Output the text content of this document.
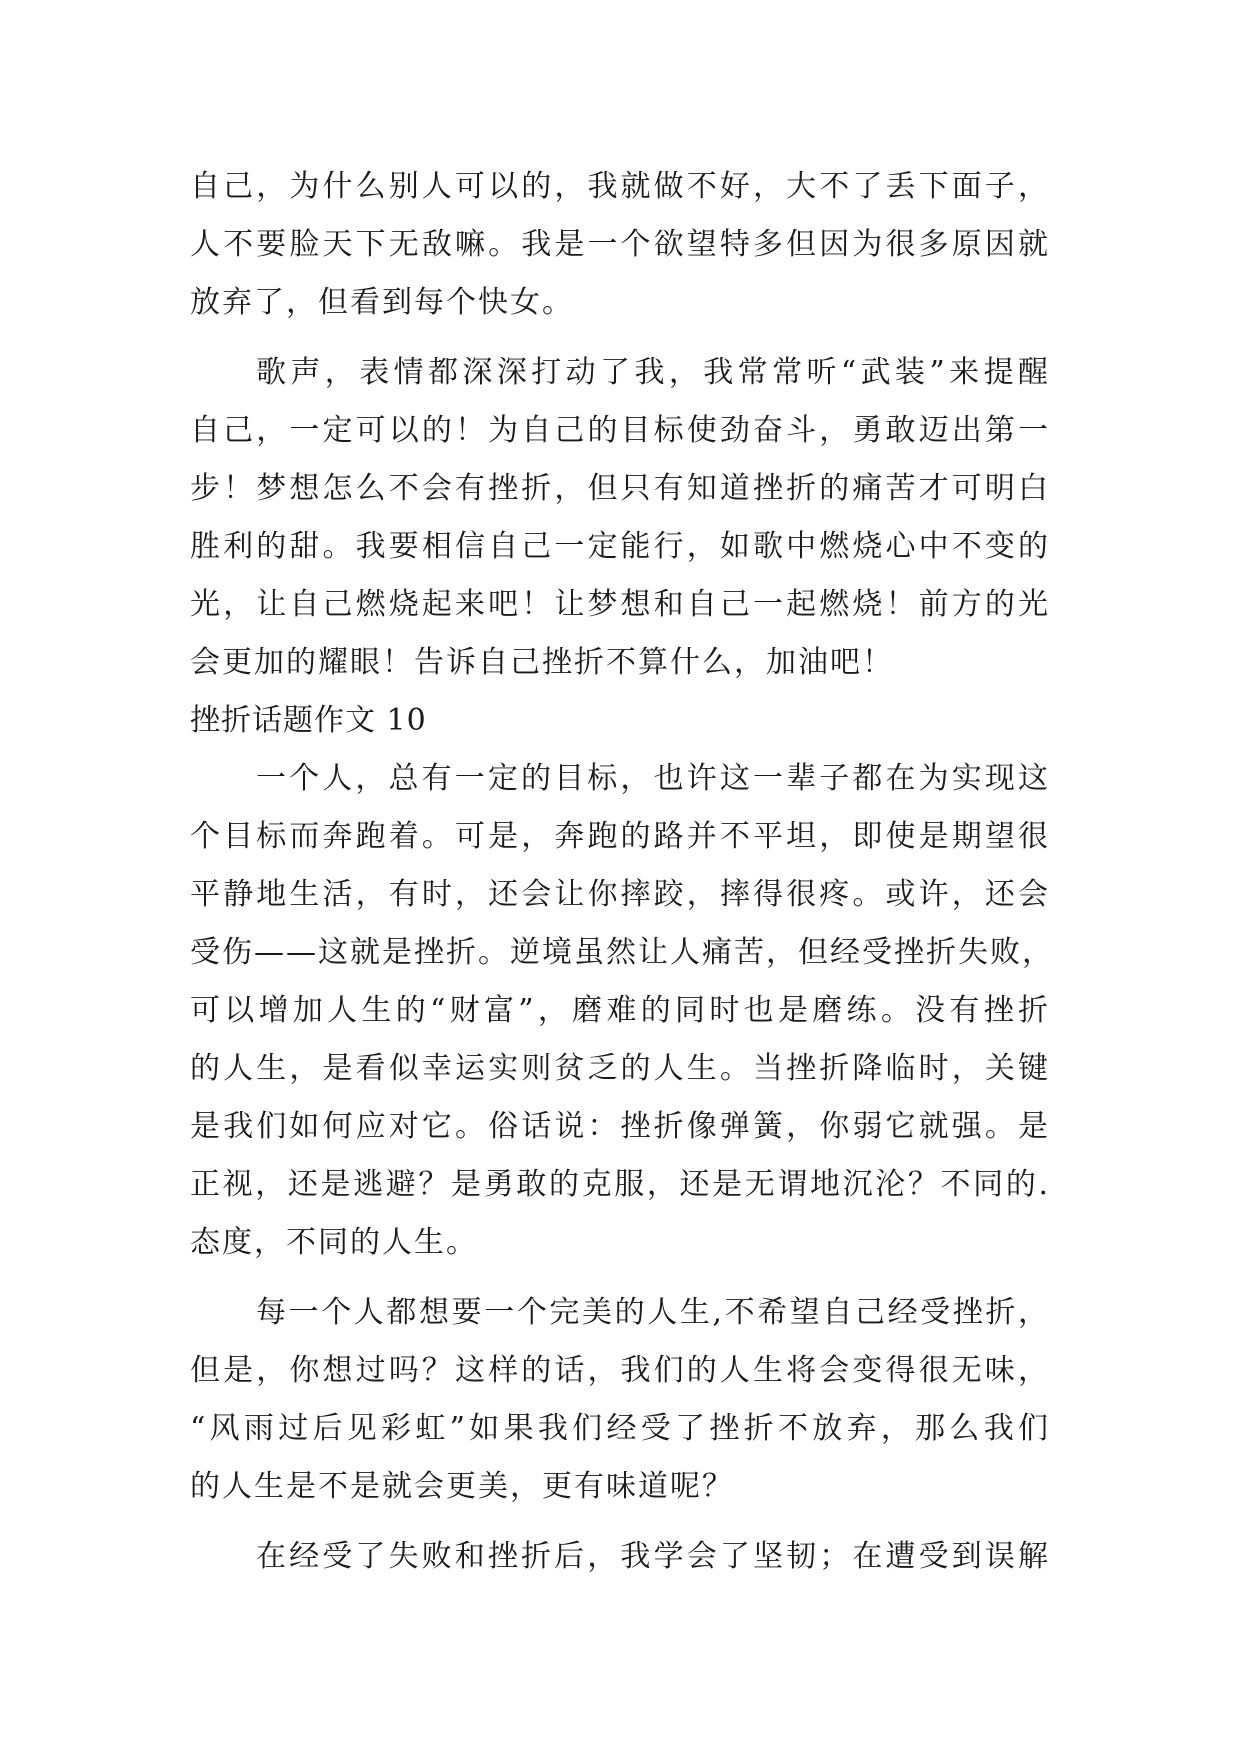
自己，为什么别人可以的，我就做不好，大不了丢下面子，
人不要脸天下无敌嘛。我是一个欲望特多但因为很多原因就
放弃了，但看到每个快女。
歌声，表情都深深打动了我，我常常听“武装”来提醒
自己，一定可以的！为自己的目标使劲奋斗，勇敢迈出第一
步！梦想怎么不会有挫折，但只有知道挫折的痛苦才可明白
胜利的甜。我要相信自己一定能行，如歌中燃烧心中不变的
光，让自己燃烧起来吧！让梦想和自己一起燃烧！前方的光
会更加的耀眼！告诉自己挫折不算什么，加油吧！
挫折话题作文 10
一个人，总有一定的目标，也许这一辈子都在为实现这
个目标而奔跑着。可是，奔跑的路并不平坦，即使是期望很
平静地生活，有时，还会让你摔跤，摔得很疼。或许，还会
受伤——这就是挫折。逆境虽然让人痛苦，但经受挫折失败，
可以增加人生的“财富”，磨难的同时也是磨练。没有挫折
的人生，是看似幸运实则贫乏的人生。当挫折降临时，关键
是我们如何应对它。俗话说：挫折像弹簧，你弱它就强。是
正视，还是逃避？是勇敢的克服，还是无谓地沉沦？不同的.
态度，不同的人生。
每一个人都想要一个完美的人生,不希望自己经受挫折，
但是，你想过吗？这样的话，我们的人生将会变得很无味，
“风雨过后见彩虹”如果我们经受了挫折不放弃，那么我们
的人生是不是就会更美，更有味道呢？
在经受了失败和挫折后，我学会了坚韧；在遭受到误解
